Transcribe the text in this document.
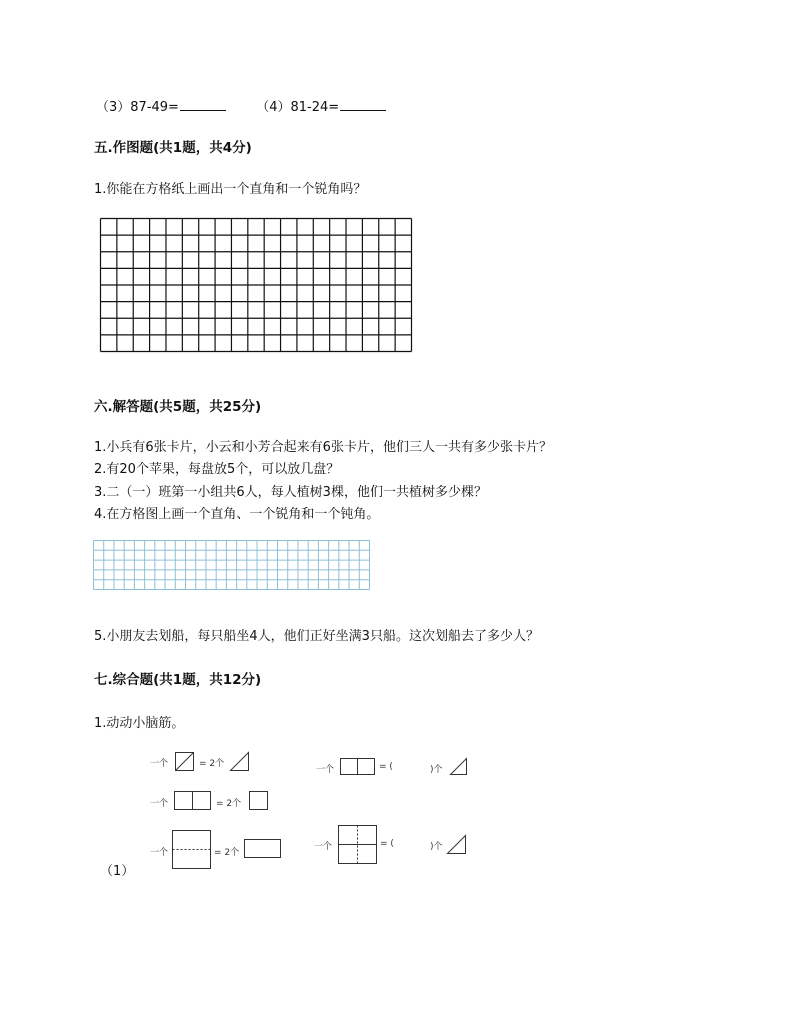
（3）87-49=	（4）81-24=
五.作图题(共1题，共4分)
1.你能在方格纸上画出一个直角和一个锐角吗？
六.解答题(共5题，共25分)
1.小兵有6张卡片，小云和小芳合起来有6张卡片，他们三人一共有多少张卡片？
2.有20个苹果，每盘放5个，可以放几盘？
3.二（一）班第一小组共6人，每人植树3棵，他们一共植树多少棵？
4.在方格图上画一个直角、一个锐角和一个钝角。
5.小朋友去划船，每只船坐4人，他们正好坐满3只船。这次划船去了多少人？
七.综合题(共1题，共12分)
1.动动小脑筋。
一个	= 2个
一个	= (	)个
一个	= 2个
一个	= 2个
一个	= (	)个
（1）
